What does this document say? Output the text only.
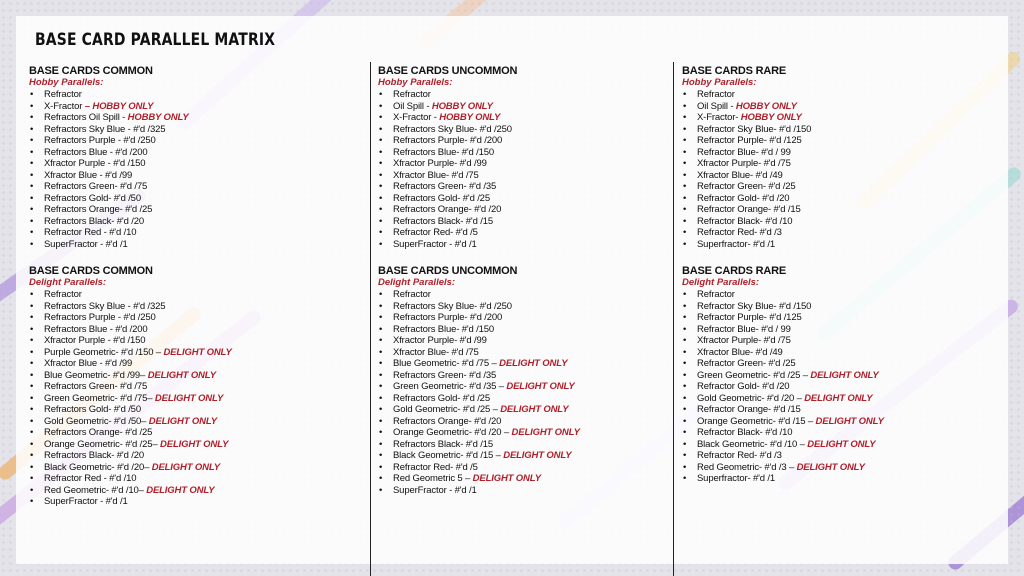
BASE CARD PARALLEL MATRIX
BASE CARDS COMMON
Hobby Parallels:
• Refractor
• X-Fractor – HOBBY ONLY
• Refractors Oil Spill - HOBBY ONLY
• Refractors Sky Blue - #'d /325
• Refractors Purple - #'d /250
• Refractors Blue - #'d /200
• Xfractor Purple - #'d /150
• Xfractor Blue - #'d /99
• Refractors Green- #'d /75
• Refractors Gold- #'d /50
• Refractors Orange- #'d /25
• Refractors Black- #'d /20
• Refractor Red - #'d /10
• SuperFractor - #'d /1
BASE CARDS COMMON
Delight Parallels:
• Refractor
• Refractors Sky Blue - #'d /325
• Refractors Purple - #'d /250
• Refractors Blue - #'d /200
• Xfractor Purple - #'d /150
• Purple Geometric- #'d /150 – DELIGHT ONLY
• Xfractor Blue - #'d /99
• Blue Geometric- #'d /99– DELIGHT ONLY
• Refractors Green- #'d /75
• Green Geometric- #'d /75– DELIGHT ONLY
• Refractors Gold- #'d /50
• Gold Geometric- #'d /50– DELIGHT ONLY
• Refractors Orange- #'d /25
• Orange Geometric- #'d /25– DELIGHT ONLY
• Refractors Black- #'d /20
• Black Geometric- #'d /20– DELIGHT ONLY
• Refractor Red - #'d /10
• Red Geometric- #'d /10– DELIGHT ONLY
• SuperFractor - #'d /1
BASE CARDS UNCOMMON
Hobby Parallels:
• Refractor
• Oil Spill - HOBBY ONLY
• X-Fractor - HOBBY ONLY
• Refractors Sky Blue- #'d /250
• Refractors Purple- #'d /200
• Refractors Blue- #'d /150
• Xfractor Purple- #'d /99
• Xfractor Blue- #'d /75
• Refractors Green- #'d /35
• Refractors Gold- #'d /25
• Refractors Orange- #'d /20
• Refractors Black- #'d /15
• Refractor Red- #'d /5
• SuperFractor - #'d /1
BASE CARDS UNCOMMON
Delight Parallels:
• Refractor
• Refractors Sky Blue- #'d /250
• Refractors Purple- #'d /200
• Refractors Blue- #'d /150
• Xfractor Purple- #'d /99
• Xfractor Blue- #'d /75
• Blue Geometric- #'d /75 – DELIGHT ONLY
• Refractors Green- #'d /35
• Green Geometric- #'d /35 – DELIGHT ONLY
• Refractors Gold- #'d /25
• Gold Geometric- #'d /25 – DELIGHT ONLY
• Refractors Orange- #'d /20
• Orange Geometric- #'d /20 – DELIGHT ONLY
• Refractors Black- #'d /15
• Black Geometric- #'d /15 – DELIGHT ONLY
• Refractor Red- #'d /5
• Red Geometric 5 – DELIGHT ONLY
• SuperFractor - #'d /1
BASE CARDS RARE
Hobby Parallels:
• Refractor
• Oil Spill - HOBBY ONLY
• X-Fractor- HOBBY ONLY
• Refractor Sky Blue- #'d /150
• Refractor Purple- #'d /125
• Refractor Blue- #'d / 99
• Xfractor Purple- #'d /75
• Xfractor Blue- #'d /49
• Refractor Green- #'d /25
• Refractor Gold- #'d /20
• Refractor Orange- #'d /15
• Refractor Black- #'d /10
• Refractor Red- #'d /3
• Superfractor- #'d /1
BASE CARDS RARE
Delight Parallels:
• Refractor
• Refractor Sky Blue- #'d /150
• Refractor Purple- #'d /125
• Refractor Blue- #'d / 99
• Xfractor Purple- #'d /75
• Xfractor Blue- #'d /49
• Refractor Green- #'d /25
• Green Geometric- #'d /25 – DELIGHT ONLY
• Refractor Gold- #'d /20
• Gold Geometric- #'d /20 – DELIGHT ONLY
• Refractor Orange- #'d /15
• Orange Geometric- #'d /15 – DELIGHT ONLY
• Refractor Black- #'d /10
• Black Geometric- #'d /10 – DELIGHT ONLY
• Refractor Red- #'d /3
• Red Geometric- #'d /3 – DELIGHT ONLY
• Superfractor- #'d /1
